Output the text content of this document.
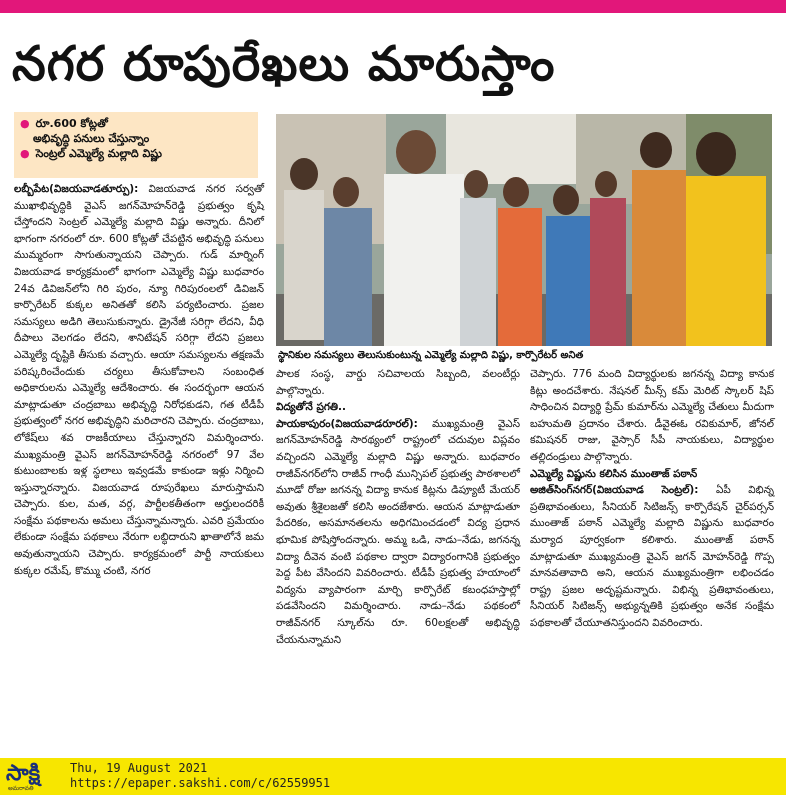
నగర రూపురేఖలు మారుస్తాం
● రూ.600 కోట్లతో
అభివృద్ధి పనులు చేస్తున్నాం
● సెంట్రల్ ఎమ్మెల్యే మల్లాది విష్ణు
స్థానికుల సమస్యలు తెలుసుకుంటున్న ఎమ్మెల్యే మల్లాది విష్ణు, కార్పొరేటర్ అనిత

లబ్బీపేట(విజయవాడతూర్పు): విజయవాడ నగర సర్వతో ముఖాభివృద్ధికి వైఎస్ జగన్‌మోహన్‌రెడ్డి ప్రభుత్వం కృషి చేస్తోందని సెంట్రల్ ఎమ్మెల్యే మల్లాది విష్ణు అన్నారు. దీనిలో భాగంగా నగరంలో రూ. 600 కోట్లతో చేపట్టిన అభివృద్ధి పనులు ముమ్మరంగా సాగుతున్నాయని చెప్పారు. గుడ్ మార్నింగ్ విజయవాడ కార్యక్రమంలో భాగంగా ఎమ్మెల్యే విష్ణు బుధవారం 24వ డివిజన్‌లోని గిరి పురం, న్యూ గిరిపురంలలో డివిజన్ కార్పొరేటర్ కుక్కల అనితతో కలిసి పర్యటించారు. ప్రజల సమస్యలు అడిగి తెలుసుకున్నారు. డ్రైనేజీ సరిగ్గా లేదని, వీధి దీపాలు వెలగడం లేదని, శానిటేషన్ సరిగ్గా లేదని ప్రజలు ఎమ్మెల్యే దృష్టికి తీసుకు వచ్చారు. ఆయా సమస్యలను తక్షణమే పరిష్కరించేందుకు చర్యలు తీసుకోవాలని సంబంధిత అధికారులను ఎమ్మెల్యే ఆదేశించారు. ఈ సందర్భంగా ఆయన మాట్లాడుతూ చంద్రబాబు అభివృద్ధి నిరోధకుడని, గత టీడీపీ ప్రభుత్వంలో నగర అభివృద్ధిని మరిచారని చెప్పారు. చంద్రబాబు, లోకేష్‌లు శవ రాజకీయాలు చేస్తున్నారని విమర్శించారు. ముఖ్యమంత్రి వైఎస్ జగన్‌మోహన్‌రెడ్డి నగరంలో 97 వేల కుటుంబాలకు ఇళ్ల స్థలాలు ఇవ్వడమే కాకుండా ఇళ్లు నిర్మించి ఇస్తున్నారన్నారు. విజయవాడ రూపురేఖలు మారుస్తామని చెప్పారు. కుల, మత, వర్గ, పార్టీలకతీతంగా అర్హులందరికీ సంక్షేమ పథకాలను అమలు చేస్తున్నామన్నారు. ఎవరి ప్రమేయం లేకుండా సంక్షేమ పథకాలు నేరుగా లబ్ధిదారుని ఖాతాలోనే జమ అవుతున్నాయని చెప్పారు. కార్యక్రమంలో పార్టీ నాయకులు కుక్కల రమేష్, కొమ్ము చంటి, నగర

పాలక సంస్థ, వార్డు సచివాలయ సిబ్బంది, వలంటీర్లు పాల్గొన్నారు.

విద్యతోనే ప్రగతి..

పాయకాపురం(విజయవాడరూరల్): ముఖ్యమంత్రి వైఎస్ జగన్‌మోహన్‌రెడ్డి సారథ్యంలో రాష్ట్రంలో చదువుల విప్లవం వచ్చిందని ఎమ్మెల్యే మల్లాది విష్ణు అన్నారు. బుధవారం రాజీవ్‌నగర్‌లోని రాజీవ్ గాంధీ మున్సిపల్ ప్రభుత్వ పాఠశాలలో మూడో రోజు జగనన్న విద్యా కానుక కిట్లను డిప్యూటీ మేయర్ అవుతు శ్రీశైలజతో కలిసి అందజేశారు. ఆయన మాట్లాడుతూ పేదరికం, అసమానతలను అధిగమించడంలో విద్య ప్రధాన భూమిక పోషిస్తోందన్నారు. అమ్మ ఒడి, నాడు–నేడు, జగనన్న విద్యా దీవెన వంటి పథకాల ద్వారా విద్యారంగానికి ప్రభుత్వం పెద్ద పీట వేసిందని వివరించారు. టీడీపీ ప్రభుత్వ హయాంలో విద్యను వ్యాపారంగా మార్చి కార్పొరేట్ కబంధహస్తాల్లో పడవేసిందని విమర్శించారు. నాడు–నేడు పథకంలో రాజీవ్‌నగర్ స్కూల్‌ను రూ. 60లక్షలతో అభివృద్ధి చేయనున్నామని

చెప్పారు. 776 మంది విద్యార్థులకు జగనన్న విద్యా కానుక కిట్లు అందచేశారు. నేషనల్ మీన్స్ కమ్ మెరిట్ స్కాలర్ షిప్ సాధించిన విద్యార్థి ప్రేమ్ కుమార్‌ను ఎమ్మెల్యే చేతులు మీదుగా బహుమతి ప్రదానం చేశారు. డీవైఈఓ రవికుమార్, జోనల్ కమిషనర్ రాజు, వైస్సార్ సీపీ నాయకులు, విద్యార్థుల తల్లిదండ్రులు పాల్గొన్నారు.

ఎమ్మెల్యే విష్ణును కలిసిన ముంతాజ్ పఠాన్

అజిత్‌సింగ్‌నగర్(విజయవాడ సెంట్రల్): ఏపీ విభిన్న ప్రతిభావంతులు, సీనియర్ సిటిజన్స్ కార్పొరేషన్ చైర్‌పర్సన్ ముంతాజ్ పఠాన్ ఎమ్మెల్యే మల్లాది విష్ణును బుధవారం మర్యాద పూర్వకంగా కలిశారు. ముంతాజ్ పఠాన్ మాట్లాడుతూ ముఖ్యమంత్రి వైఎస్ జగన్ మోహన్‌రెడ్డి గొప్ప మానవతావాది అని, ఆయన ముఖ్యమంత్రిగా లభించడం రాష్ట్ర ప్రజల అదృష్టమన్నారు. విభిన్న ప్రతిభావంతులు, సీనియర్ సిటిజన్స్ అభ్యున్నతికి ప్రభుత్వం అనేక సంక్షేమ పథకాలతో చేయూతనిస్తుందని వివరించారు.

సాక్షి
అమరావతి
Thu, 19 August 2021
https://epaper.sakshi.com/c/62559951
